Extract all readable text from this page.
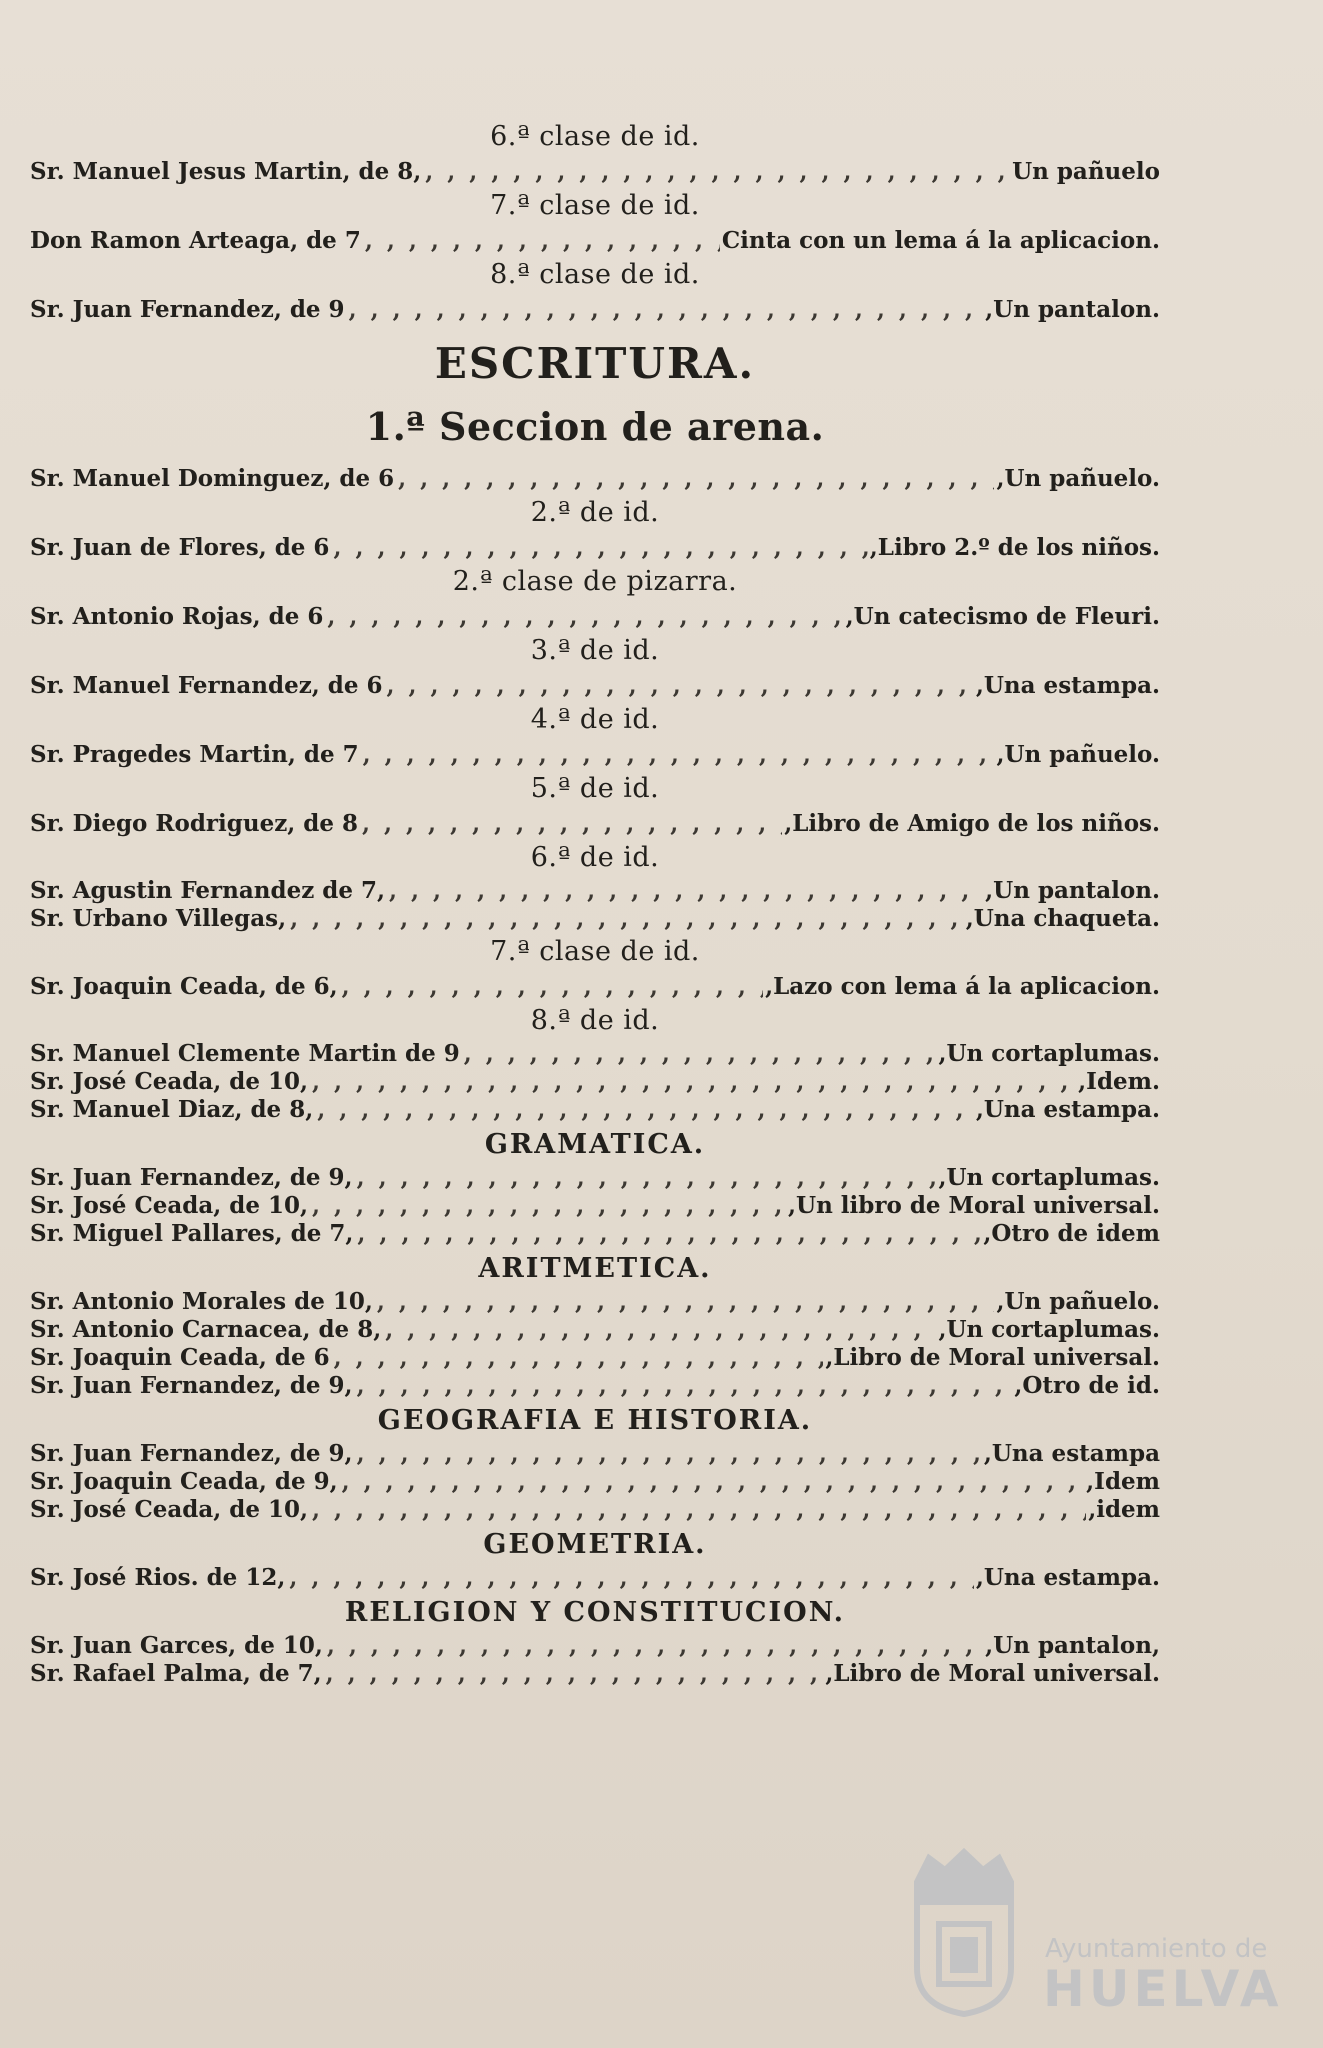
6.ª clase de id.
Sr. Manuel Jesus Martin, de 8, , , , , , , , , , , , , , , , , , , , , , , , , , , , , , , , , , , , , , , , , , , , , , , , , , , , , , , , , , ,	Un pañuelo
7.ª clase de id.
Don Ramon Arteaga, de 7 , , , , , , , , , , , , , , , , , , , , , , , , , , , , , , , , , , , , , , , , , , , , , , , , , , , , , , , , , ,	Cinta con un lema á la aplicacion.
8.ª clase de id.
Sr. Juan Fernandez, de 9 , , , , , , , , , , , , , , , , , , , , , , , , , , , , , , , , , , , , , , , , , , , , , , , , , , , , , , , , , ,	,Un pantalon.
ESCRITURA.
1.ª Seccion de arena.
Sr. Manuel Dominguez, de 6 , , , , , , , , , , , , , , , , , , , , , , , , , , , , , , , , , , , , , , , , , , , , , , , , , , , , , , , , , ,	,Un pañuelo.
2.ª de id.
Sr. Juan de Flores, de 6 , , , , , , , , , , , , , , , , , , , , , , , , , , , , , , , , , , , , , , , , , , , , , , , , , , , , , , , , , ,	,Libro 2.º de los niños.
2.ª clase de pizarra.
Sr. Antonio Rojas, de 6 , , , , , , , , , , , , , , , , , , , , , , , , , , , , , , , , , , , , , , , , , , , , , , , , , , , , , , , , , ,	,Un catecismo de Fleuri.
3.ª de id.
Sr. Manuel Fernandez, de 6 , , , , , , , , , , , , , , , , , , , , , , , , , , , , , , , , , , , , , , , , , , , , , , , , , , , , , , , , , ,	,Una estampa.
4.ª de id.
Sr. Pragedes Martin, de 7 , , , , , , , , , , , , , , , , , , , , , , , , , , , , , , , , , , , , , , , , , , , , , , , , , , , , , , , , , ,	,Un pañuelo.
5.ª de id.
Sr. Diego Rodriguez, de 8 , , , , , , , , , , , , , , , , , , , , , , , , , , , , , , , , , , , , , , , , , , , , , , , , , , , , , , , , , ,	,Libro de Amigo de los niños.
6.ª de id.
Sr. Agustin Fernandez de 7, , , , , , , , , , , , , , , , , , , , , , , , , , , , , , , , , , , , , , , , , , , , , , , , , , , , , , , , , , ,	,Un pantalon.
Sr. Urbano Villegas, , , , , , , , , , , , , , , , , , , , , , , , , , , , , , , , , , , , , , , , , , , , , , , , , , , , , , , , , , ,	,Una chaqueta.
7.ª clase de id.
Sr. Joaquin Ceada, de 6, , , , , , , , , , , , , , , , , , , , , , , , , , , , , , , , , , , , , , , , , , , , , , , , , , , , , , , , , , ,	,Lazo con lema á la aplicacion.
8.ª de id.
Sr. Manuel Clemente Martin de 9 , , , , , , , , , , , , , , , , , , , , , , , , , , , , , , , , , , , , , , , , , , , , , , , , , , , , , , , , , ,	,Un cortaplumas.
Sr. José Ceada, de 10, , , , , , , , , , , , , , , , , , , , , , , , , , , , , , , , , , , , , , , , , , , , , , , , , , , , , , , , , , ,	,Idem.
Sr. Manuel Diaz, de 8, , , , , , , , , , , , , , , , , , , , , , , , , , , , , , , , , , , , , , , , , , , , , , , , , , , , , , , , , , ,	,Una estampa.
GRAMATICA.
Sr. Juan Fernandez, de 9, , , , , , , , , , , , , , , , , , , , , , , , , , , , , , , , , , , , , , , , , , , , , , , , , , , , , , , , , , ,	,Un cortaplumas.
Sr. José Ceada, de 10, , , , , , , , , , , , , , , , , , , , , , , , , , , , , , , , , , , , , , , , , , , , , , , , , , , , , , , , , , ,	,Un libro de Moral universal.
Sr. Miguel Pallares, de 7, , , , , , , , , , , , , , , , , , , , , , , , , , , , , , , , , , , , , , , , , , , , , , , , , , , , , , , , , , ,	,Otro de idem
ARITMETICA.
Sr. Antonio Morales de 10, , , , , , , , , , , , , , , , , , , , , , , , , , , , , , , , , , , , , , , , , , , , , , , , , , , , , , , , , , ,	,Un pañuelo.
Sr. Antonio Carnacea, de 8, , , , , , , , , , , , , , , , , , , , , , , , , , , , , , , , , , , , , , , , , , , , , , , , , , , , , , , , , , ,	,Un cortaplumas.
Sr. Joaquin Ceada, de 6 , , , , , , , , , , , , , , , , , , , , , , , , , , , , , , , , , , , , , , , , , , , , , , , , , , , , , , , , , ,	,Libro de Moral universal.
Sr. Juan Fernandez, de 9, , , , , , , , , , , , , , , , , , , , , , , , , , , , , , , , , , , , , , , , , , , , , , , , , , , , , , , , , , ,	,Otro de id.
GEOGRAFIA E HISTORIA.
Sr. Juan Fernandez, de 9, , , , , , , , , , , , , , , , , , , , , , , , , , , , , , , , , , , , , , , , , , , , , , , , , , , , , , , , , , ,	,Una estampa
Sr. Joaquin Ceada, de 9, , , , , , , , , , , , , , , , , , , , , , , , , , , , , , , , , , , , , , , , , , , , , , , , , , , , , , , , , , ,	,Idem
Sr. José Ceada, de 10, , , , , , , , , , , , , , , , , , , , , , , , , , , , , , , , , , , , , , , , , , , , , , , , , , , , , , , , , , ,	,idem
GEOMETRIA.
Sr. José Rios. de 12, , , , , , , , , , , , , , , , , , , , , , , , , , , , , , , , , , , , , , , , , , , , , , , , , , , , , , , , , , ,	,Una estampa.
RELIGION Y CONSTITUCION.
Sr. Juan Garces, de 10, , , , , , , , , , , , , , , , , , , , , , , , , , , , , , , , , , , , , , , , , , , , , , , , , , , , , , , , , , ,	,Un pantalon,
Sr. Rafael Palma, de 7, , , , , , , , , , , , , , , , , , , , , , , , , , , , , , , , , , , , , , , , , , , , , , , , , , , , , , , , , , ,	,Libro de Moral universal.
Ayuntamiento de
HUELVA
